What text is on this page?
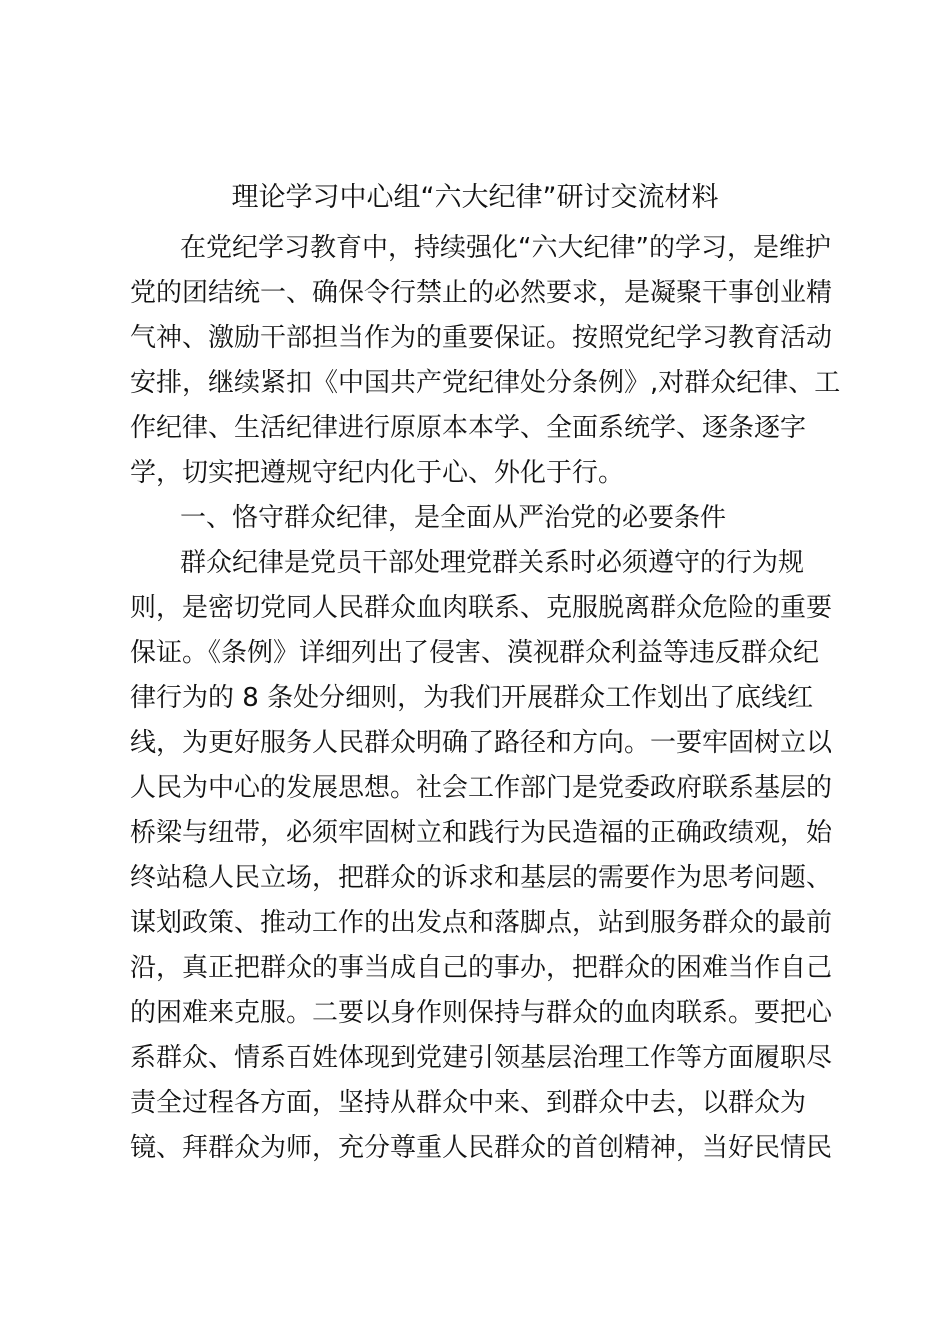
理论学习中心组“六大纪律”研讨交流材料

在党纪学习教育中，持续强化“六大纪律”的学习，是维护

党的团结统一、确保令行禁止的必然要求，是凝聚干事创业精

气神、激励干部担当作为的重要保证。按照党纪学习教育活动

安排，继续紧扣《中国共产党纪律处分条例》,对群众纪律、工

作纪律、生活纪律进行原原本本学、全面系统学、逐条逐字

学，切实把遵规守纪内化于心、外化于行。

一、恪守群众纪律，是全面从严治党的必要条件

群众纪律是党员干部处理党群关系时必须遵守的行为规

则，是密切党同人民群众血肉联系、克服脱离群众危险的重要

保证。《条例》详细列出了侵害、漠视群众利益等违反群众纪

律行为的 8 条处分细则，为我们开展群众工作划出了底线红

线，为更好服务人民群众明确了路径和方向。一要牢固树立以

人民为中心的发展思想。社会工作部门是党委政府联系基层的

桥梁与纽带，必须牢固树立和践行为民造福的正确政绩观，始

终站稳人民立场，把群众的诉求和基层的需要作为思考问题、

谋划政策、推动工作的出发点和落脚点，站到服务群众的最前

沿，真正把群众的事当成自己的事办，把群众的困难当作自己

的困难来克服。二要以身作则保持与群众的血肉联系。要把心

系群众、情系百姓体现到党建引领基层治理工作等方面履职尽

责全过程各方面，坚持从群众中来、到群众中去，以群众为

镜、拜群众为师，充分尊重人民群众的首创精神，当好民情民
